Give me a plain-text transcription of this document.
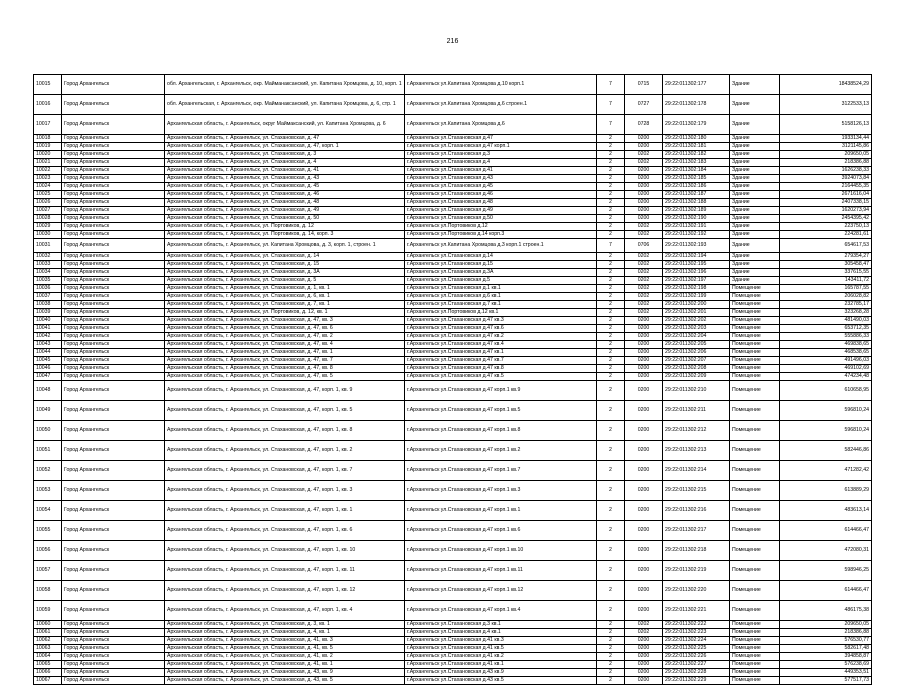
216
10015	Город Архангельск	обл. Архангельская, г. Архангельск, окр. Майманаксанский, ул. Капитана Хромцова, д. 10, корп. 1	г.Архангельск ул.Капитана Хромцова д.10 корп.1	7	0715	29:22:011302:177	Здание	18438524,29
10016	Город Архангельск	обл. Архангельская, г. Архангельск, окр. Майманаксанский, ул. Капитана Хромцова, д. 6, стр. 1	г.Архангельск ул.Капитана Хромцова д.6 строен.1	7	0727	29:22:011302:178	Здание	3122533,13
10017	Город Архангельск	Архангельская область, г. Архангельск, округ Маймаксанский, ул. Капитана Хромцова, д. 6	г.Архангельск ул.Капитана Хромцова д.6	7	0728	29:22:011302:179	Здание	5158126,13
10018	Город Архангельск	Архангельская область, г. Архангельск, ул. Стахановская, д. 47	г.Архангельск ул.Стахановская д.47	2	0200	29:22:011302:180	Здание	1933134,44
10019	Город Архангельск	Архангельская область, г. Архангельск, ул. Стахановская, д. 47, корп. 1	г.Архангельск ул.Стахановская д.47 корп.1	2	0200	29:22:011302:181	Здание	3121145,86
10020	Город Архангельск	Архангельская область, г. Архангельск, ул. Стахановская, д. 3	г.Архангельск ул.Стахановская д.3	2	0202	29:22:011302:182	Здание	209650,05
10021	Город Архангельск	Архангельская область, г. Архангельск, ул. Стахановская, д. 4	г.Архангельск ул.Стахановская д.4	2	0202	29:22:011302:183	Здание	218386,88
10022	Город Архангельск	Архангельская область, г. Архангельск, ул. Стахановская, д. 41	г.Архангельск ул.Стахановская д.41	2	0200	29:22:011302:184	Здание	1626238,33
10023	Город Архангельск	Архангельская область, г. Архангельск, ул. Стахановская, д. 43	г.Архангельск ул.Стахановская д.43	2	0200	29:22:011302:185	Здание	3924073,84
10024	Город Архангельск	Архангельская область, г. Архангельск, ул. Стахановская, д. 45	г.Архангельск ул.Стахановская д.45	2	0200	29:22:011302:186	Здание	2164455,35
10025	Город Архангельск	Архангельская область, г. Архангельск, ул. Стахановская, д. 46	г.Архангельск ул.Стахановская д.46	2	0200	29:22:011302:187	Здание	2671616,04
10026	Город Архангельск	Архангельская область, г. Архангельск, ул. Стахановская, д. 48	г.Архангельск ул.Стахановская д.48	2	0200	29:22:011302:188	Здание	2407338,15
10027	Город Архангельск	Архангельская область, г. Архангельск, ул. Стахановская, д. 49	г.Архангельск ул.Стахановская д.49	2	0200	29:22:011302:189	Здание	1620273,94
10028	Город Архангельск	Архангельская область, г. Архангельск, ул. Стахановская, д. 50	г.Архангельск ул.Стахановская д.50	2	0200	29:22:011302:190	Здание	2454395,42
10029	Город Архангельск	Архангельская область, г. Архангельск, ул. Портовиков, д. 12	г.Архангельск ул.Портовиков д.12	2	0202	29:22:011302:191	Здание	223750,13
10030	Город Архангельск	Архангельская область, г. Архангельск, ул. Портовиков, д. 14, корп. 3	г.Архангельск ул.Портовиков д.14 корп.3	2	0202	29:22:011302:192	Здание	224281,61
10031	Город Архангельск	Архангельская область, г. Архангельск, ул. Капитана Хромцова, д. 3, корп. 1, строен. 1	г.Архангельск ул.Капитана Хромцова д.3 корп.1 строен.1	7	0706	29:22:011302:193	Здание	654617,53
10032	Город Архангельск	Архангельская область, г. Архангельск, ул. Стахановская, д. 14	г.Архангельск ул.Стахановская д.14	2	0202	29:22:011302:194	Здание	279354,27
10033	Город Архангельск	Архангельская область, г. Архангельск, ул. Стахановская, д. 15	г.Архангельск ул.Стахановская д.15	2	0202	29:22:011302:195	Здание	305458,47
10034	Город Архангельск	Архангельская область, г. Архангельск, ул. Стахановская, д. 3А	г.Архангельск ул.Стахановская д.3А	2	0202	29:22:011302:196	Здание	337615,55
10035	Город Архангельск	Архангельская область, г. Архангельск, ул. Стахановская, д. 5	г.Архангельск ул.Стахановская д.5	2	0202	29:22:011302:197	Здание	143411,72
10036	Город Архангельск	Архангельская область, г. Архангельск, ул. Стахановская, д. 1, кв. 1	г.Архангельск ул.Стахановская д.1 кв.1	2	0202	29:22:011302:198	Помещение	165787,55
10037	Город Архангельск	Архангельская область, г. Архангельск, ул. Стахановская, д. 6, кв. 1	г.Архангельск ул.Стахановская д.6 кв.1	2	0202	29:22:011302:199	Помещение	206028,82
10038	Город Архангельск	Архангельская область, г. Архангельск, ул. Стахановская, д. 7, кв. 1	г.Архангельск ул.Стахановская д.7 кв.1	2	0202	29:22:011302:200	Помещение	232785,17
10039	Город Архангельск	Архангельская область, г. Архангельск, ул. Портовиков, д. 12, кв. 1	г.Архангельск ул.Портовиков д.12 кв.1	2	0202	29:22:011302:201	Помещение	323268,28
10040	Город Архангельск	Архангельская область, г. Архангельск, ул. Стахановская, д. 47, кв. 3	г.Архангельск ул.Стахановская д.47 кв.3	2	0200	29:22:011302:202	Помещение	481490,03
10041	Город Архангельск	Архангельская область, г. Архангельск, ул. Стахановская, д. 47, кв. 6	г.Архангельск ул.Стахановская д.47 кв.6	2	0200	29:22:011302:203	Помещение	653712,35
10042	Город Архангельск	Архангельская область, г. Архангельск, ул. Стахановская, д. 47, кв. 2	г.Архангельск ул.Стахановская д.47 кв.2	2	0200	29:22:011302:204	Помещение	555886,33
10043	Город Архангельск	Архангельская область, г. Архангельск, ул. Стахановская, д. 47, кв. 4	г.Архангельск ул.Стахановская д.47 кв.4	2	0200	29:22:011302:205	Помещение	469838,65
10044	Город Архангельск	Архангельская область, г. Архангельск, ул. Стахановская, д. 47, кв. 1	г.Архангельск ул.Стахановская д.47 кв.1	2	0200	29:22:011302:206	Помещение	468538,65
10045	Город Архангельск	Архангельская область, г. Архангельск, ул. Стахановская, д. 47, кв. 7	г.Архангельск ул.Стахановская д.47 кв.7	2	0200	29:22:011302:207	Помещение	491496,03
10046	Город Архангельск	Архангельская область, г. Архангельск, ул. Стахановская, д. 47, кв. 8	г.Архангельск ул.Стахановская д.47 кв.8	2	0200	29:22:011302:208	Помещение	469102,69
10047	Город Архангельск	Архангельская область, г. Архангельск, ул. Стахановская, д. 47, кв. 5	г.Архангельск ул.Стахановская д.47 кв.5	2	0200	29:22:011302:209	Помещение	474234,48
10048	Город Архангельск	Архангельская область, г. Архангельск, ул. Стахановская, д. 47, корп. 1, кв. 9	г.Архангельск ул.Стахановская д.47 корп.1 кв.9	2	0200	29:22:011302:210	Помещение	610658,95
10049	Город Архангельск	Архангельская область, г. Архангельск, ул. Стахановская, д. 47, корп. 1, кв. 5	г.Архангельск ул.Стахановская д.47 корп.1 кв.5	2	0200	29:22:011302:211	Помещение	596810,24
10050	Город Архангельск	Архангельская область, г. Архангельск, ул. Стахановская, д. 47, корп. 1, кв. 8	г.Архангельск ул.Стахановская д.47 корп.1 кв.8	2	0200	29:22:011302:212	Помещение	596810,24
10051	Город Архангельск	Архангельская область, г. Архангельск, ул. Стахановская, д. 47, корп. 1, кв. 2	г.Архангельск ул.Стахановская д.47 корп.1 кв.2	2	0200	29:22:011302:213	Помещение	582446,86
10052	Город Архангельск	Архангельская область, г. Архангельск, ул. Стахановская, д. 47, корп. 1, кв. 7	г.Архангельск ул.Стахановская д.47 корп.1 кв.7	2	0200	29:22:011302:214	Помещение	471282,42
10053	Город Архангельск	Архангельская область, г. Архангельск, ул. Стахановская, д. 47, корп. 1, кв. 3	г.Архангельск ул.Стахановская д.47 корп.1 кв.3	2	0200	29:22:011302:215	Помещение	613889,29
10054	Город Архангельск	Архангельская область, г. Архангельск, ул. Стахановская, д. 47, корп. 1, кв. 1	г.Архангельск ул.Стахановская д.47 корп.1 кв.1	2	0200	29:22:011302:216	Помещение	483613,14
10055	Город Архангельск	Архангельская область, г. Архангельск, ул. Стахановская, д. 47, корп. 1, кв. 6	г.Архангельск ул.Стахановская д.47 корп.1 кв.6	2	0200	29:22:011302:217	Помещение	614466,47
10056	Город Архангельск	Архангельская область, г. Архангельск, ул. Стахановская, д. 47, корп. 1, кв. 10	г.Архангельск ул.Стахановская д.47 корп.1 кв.10	2	0200	29:22:011302:218	Помещение	472080,31
10057	Город Архангельск	Архангельская область, г. Архангельск, ул. Стахановская, д. 47, корп. 1, кв. 11	г.Архангельск ул.Стахановская д.47 корп.1 кв.11	2	0200	29:22:011302:219	Помещение	598946,25
10058	Город Архангельск	Архангельская область, г. Архангельск, ул. Стахановская, д. 47, корп. 1, кв. 12	г.Архангельск ул.Стахановская д.47 корп.1 кв.12	2	0200	29:22:011302:220	Помещение	614466,47
10059	Город Архангельск	Архангельская область, г. Архангельск, ул. Стахановская, д. 47, корп. 1, кв. 4	г.Архангельск ул.Стахановская д.47 корп.1 кв.4	2	0200	29:22:011302:221	Помещение	486175,38
10060	Город Архангельск	Архангельская область, г. Архангельск, ул. Стахановская, д. 3, кв. 1	г.Архангельск ул.Стахановская д.3 кв.1	2	0202	29:22:011302:222	Помещение	209650,05
10061	Город Архангельск	Архангельская область, г. Архангельск, ул. Стахановская, д. 4, кв. 1	г.Архангельск ул.Стахановская д.4 кв.1	2	0202	29:22:011302:223	Помещение	218386,88
10062	Город Архангельск	Архангельская область, г. Архангельск, ул. Стахановская, д. 41, кв. 3	г.Архангельск ул.Стахановская д.41 кв.3	2	0200	29:22:011302:224	Помещение	576530,77
10063	Город Архангельск	Архангельская область, г. Архангельск, ул. Стахановская, д. 41, кв. 5	г.Архангельск ул.Стахановская д.41 кв.5	2	0200	29:22:011302:225	Помещение	582617,48
10064	Город Архангельск	Архангельская область, г. Архангельск, ул. Стахановская, д. 41, кв. 2	г.Архангельск ул.Стахановская д.41 кв.2	2	0200	29:22:011302:226	Помещение	394858,87
10065	Город Архангельск	Архангельская область, г. Архангельск, ул. Стахановская, д. 41, кв. 1	г.Архангельск ул.Стахановская д.41 кв.1	2	0200	29:22:011302:227	Помещение	576238,69
10066	Город Архангельск	Архангельская область, г. Архангельск, ул. Стахановская, д. 43, кв. 9	г.Архангельск ул.Стахановская д.43 кв.9	2	0200	29:22:011302:228	Помещение	449353,51
10067	Город Архангельск	Архангельская область, г. Архангельск, ул. Стахановская, д. 43, кв. 5	г.Архангельск ул.Стахановская д.43 кв.5	2	0200	29:22:011302:229	Помещение	577517,73
